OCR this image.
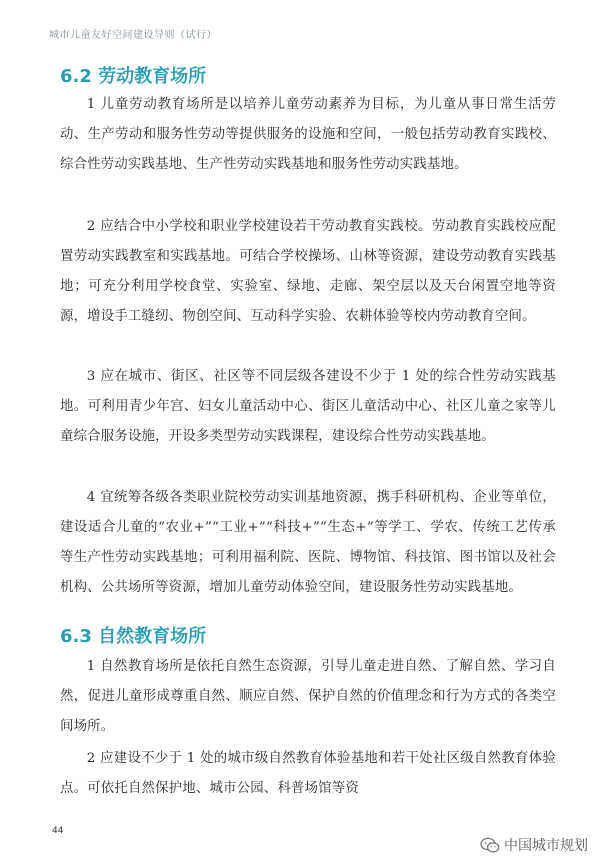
城市儿童友好空间建设导则（试行）
6.2 劳动教育场所

1 儿童劳动教育场所是以培养儿童劳动素养为目标，为儿童从事日常生活劳动、生产劳动和服务性劳动等提供服务的设施和空间，一般包括劳动教育实践校、综合性劳动实践基地、生产性劳动实践基地和服务性劳动实践基地。

2 应结合中小学校和职业学校建设若干劳动教育实践校。劳动教育实践校应配置劳动实践教室和实践基地。可结合学校操场、山林等资源，建设劳动教育实践基地；可充分利用学校食堂、实验室、绿地、走廊、架空层以及天台闲置空地等资源，增设手工缝纫、物创空间、互动科学实验、农耕体验等校内劳动教育空间。

3 应在城市、街区、社区等不同层级各建设不少于 1 处的综合性劳动实践基地。可利用青少年宫、妇女儿童活动中心、街区儿童活动中心、社区儿童之家等儿童综合服务设施，开设多类型劳动实践课程，建设综合性劳动实践基地。

4 宜统筹各级各类职业院校劳动实训基地资源，携手科研机构、企业等单位，建设适合儿童的“农业+”“工业+”“科技+”“生态+”等学工、学农、传统工艺传承等生产性劳动实践基地；可利用福利院、医院、博物馆、科技馆、图书馆以及社会机构、公共场所等资源，增加儿童劳动体验空间，建设服务性劳动实践基地。

6.3 自然教育场所

1 自然教育场所是依托自然生态资源，引导儿童走进自然、了解自然、学习自然，促进儿童形成尊重自然、顺应自然、保护自然的价值理念和行为方式的各类空间场所。

2 应建设不少于 1 处的城市级自然教育体验基地和若干处社区级自然教育体验点。可依托自然保护地、城市公园、科普场馆等资

44
中国城市规划
